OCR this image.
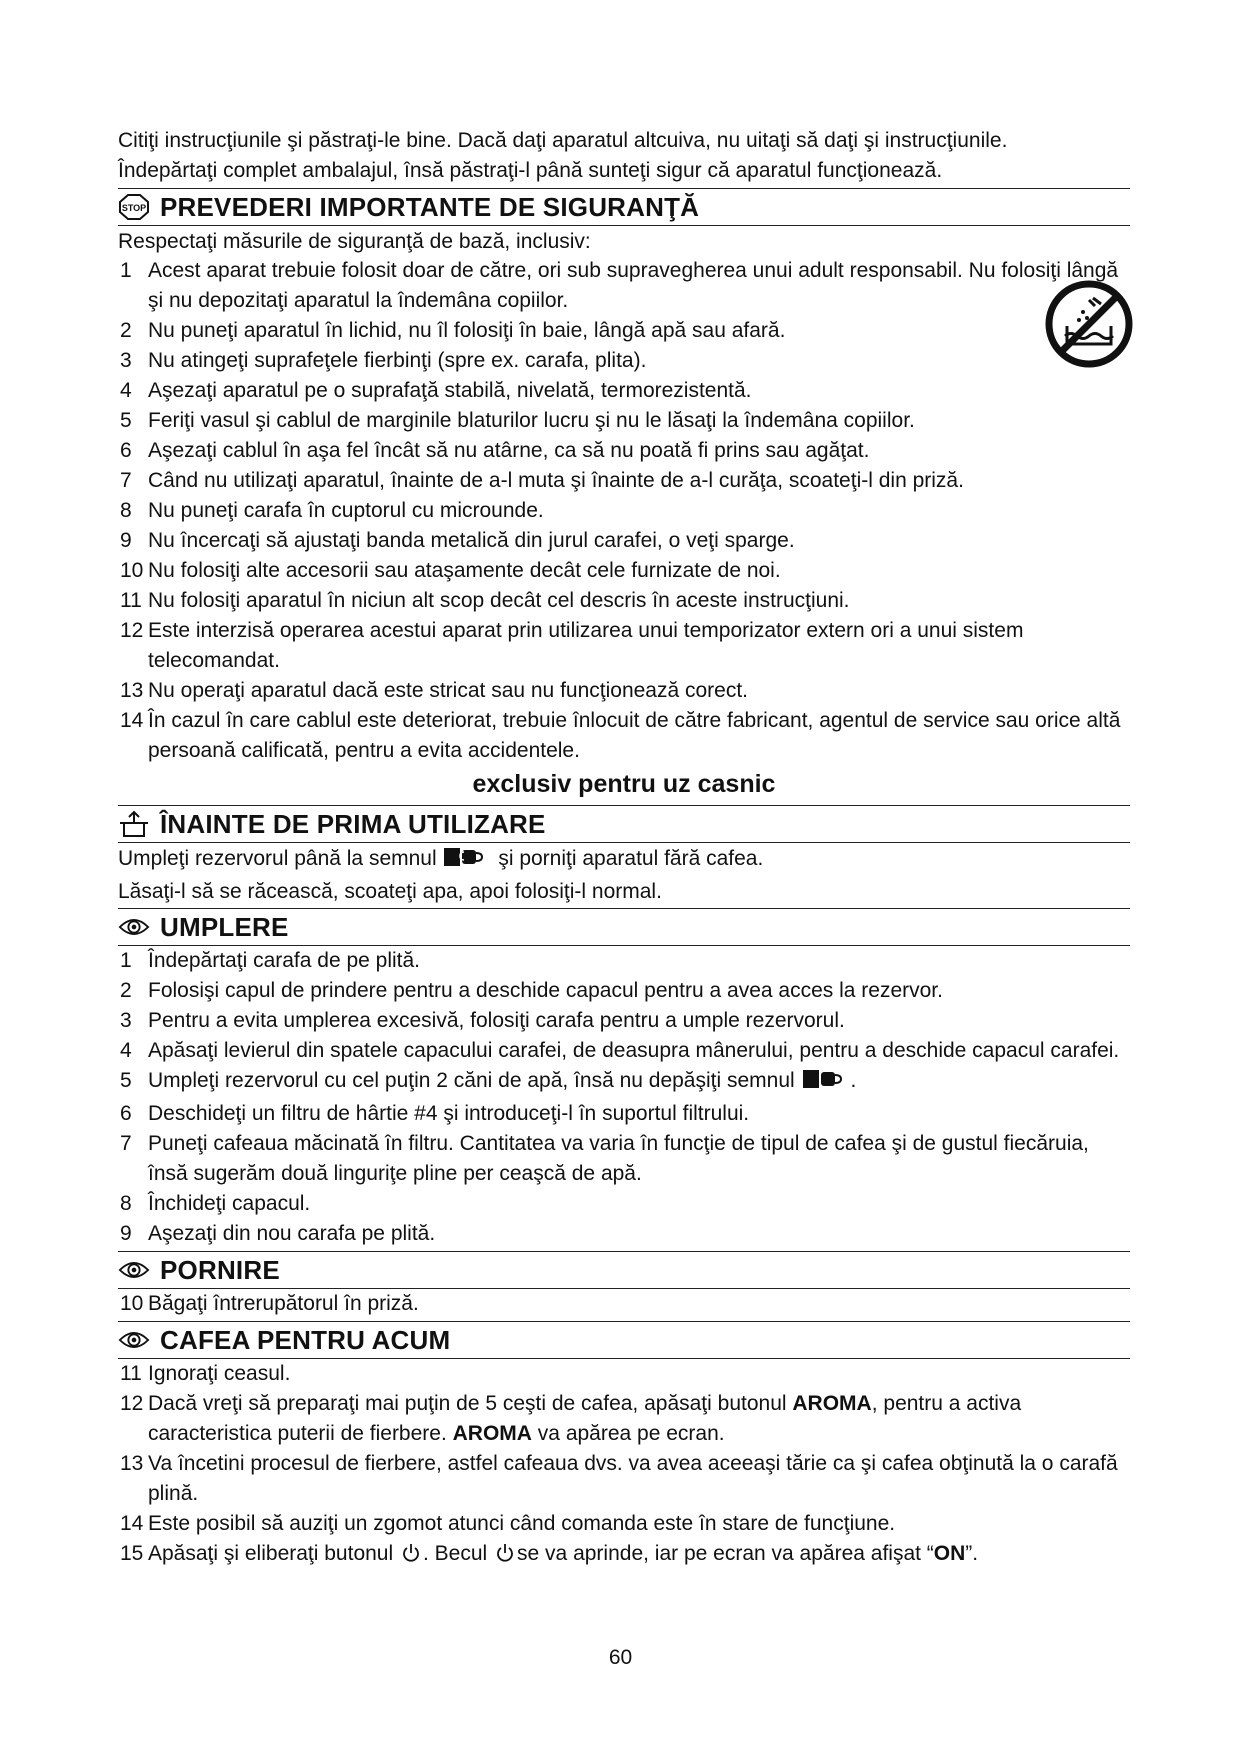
Citiţi instrucţiunile şi păstraţi-le bine. Dacă daţi aparatul altcuiva, nu uitaţi să daţi şi instrucţiunile.

Îndepărtaţi complet ambalajul, însă păstraţi-l până sunteţi sigur că aparatul funcţionează.

STOP PREVEDERI IMPORTANTE DE SIGURANŢĂ

Respectaţi măsurile de siguranţă de bază, inclusiv:

1 Acest aparat trebuie folosit doar de către, ori sub supravegherea unui adult responsabil. Nu folosiţi lângă şi nu depozitaţi aparatul la îndemâna copiilor.
2 Nu puneţi aparatul în lichid, nu îl folosiţi în baie, lângă apă sau afară.
3 Nu atingeţi suprafeţele fierbinţi (spre ex. carafa, plita).
4 Aşezaţi aparatul pe o suprafaţă stabilă, nivelată, termorezistentă.
5 Feriţi vasul şi cablul de marginile blaturilor lucru şi nu le lăsaţi la îndemâna copiilor.
6 Aşezaţi cablul în aşa fel încât să nu atârne, ca să nu poată fi prins sau agăţat.
7 Când nu utilizaţi aparatul, înainte de a-l muta şi înainte de a-l curăţa, scoateţi-l din priză.
8 Nu puneţi carafa în cuptorul cu microunde.
9 Nu încercaţi să ajustaţi banda metalică din jurul carafei, o veţi sparge.
10 Nu folosiţi alte accesorii sau ataşamente decât cele furnizate de noi.
11 Nu folosiţi aparatul în niciun alt scop decât cel descris în aceste instrucţiuni.
12 Este interzisă operarea acestui aparat prin utilizarea unui temporizator extern ori a unui sistem telecomandat.
13 Nu operaţi aparatul dacă este stricat sau nu funcţionează corect.
14 În cazul în care cablul este deteriorat, trebuie înlocuit de către fabricant, agentul de service sau orice altă persoană calificată, pentru a evita accidentele.
exclusiv pentru uz casnic
ÎNAINTE DE PRIMA UTILIZARE

Umpleţi rezervorul până la semnul	şi porniţi aparatul fără cafea.

Lăsaţi-l să se răcească, scoateţi apa, apoi folosiţi-l normal.

UMPLERE
1 Îndepărtaţi carafa de pe plită.
2 Folosişi capul de prindere pentru a deschide capacul pentru a avea acces la rezervor.
3 Pentru a evita umplerea excesivă, folosiţi carafa pentru a umple rezervorul.
4 Apăsaţi levierul din spatele capacului carafei, de deasupra mânerului, pentru a deschide capacul carafei.
5 Umpleţi rezervorul cu cel puţin 2 căni de apă, însă nu depăşiţi semnul	.
6 Deschideţi un filtru de hârtie #4 şi introduceţi-l în suportul filtrului.
7 Puneţi cafeaua măcinată în filtru. Cantitatea va varia în funcţie de tipul de cafea şi de gustul fiecăruia, însă sugerăm două linguriţe pline per ceaşcă de apă.
8 Închideţi capacul.
9 Aşezaţi din nou carafa pe plită.
PORNIRE
10 Băgaţi întrerupătorul în priză.
CAFEA PENTRU ACUM
11 Ignoraţi ceasul.
12 Dacă vreţi să preparaţi mai puţin de 5 ceşti de cafea, apăsaţi butonul AROMA, pentru a activa caracteristica puterii de fierbere. AROMA va apărea pe ecran.
13 Va încetini procesul de fierbere, astfel cafeaua dvs. va avea aceeaşi tărie ca şi cafea obţinută la o carafă plină.
14 Este posibil să auziţi un zgomot atunci când comanda este în stare de funcţiune.
15 Apăsaţi şi eliberaţi butonul . Becul se va aprinde, iar pe ecran va apărea afişat “ON”.
60
